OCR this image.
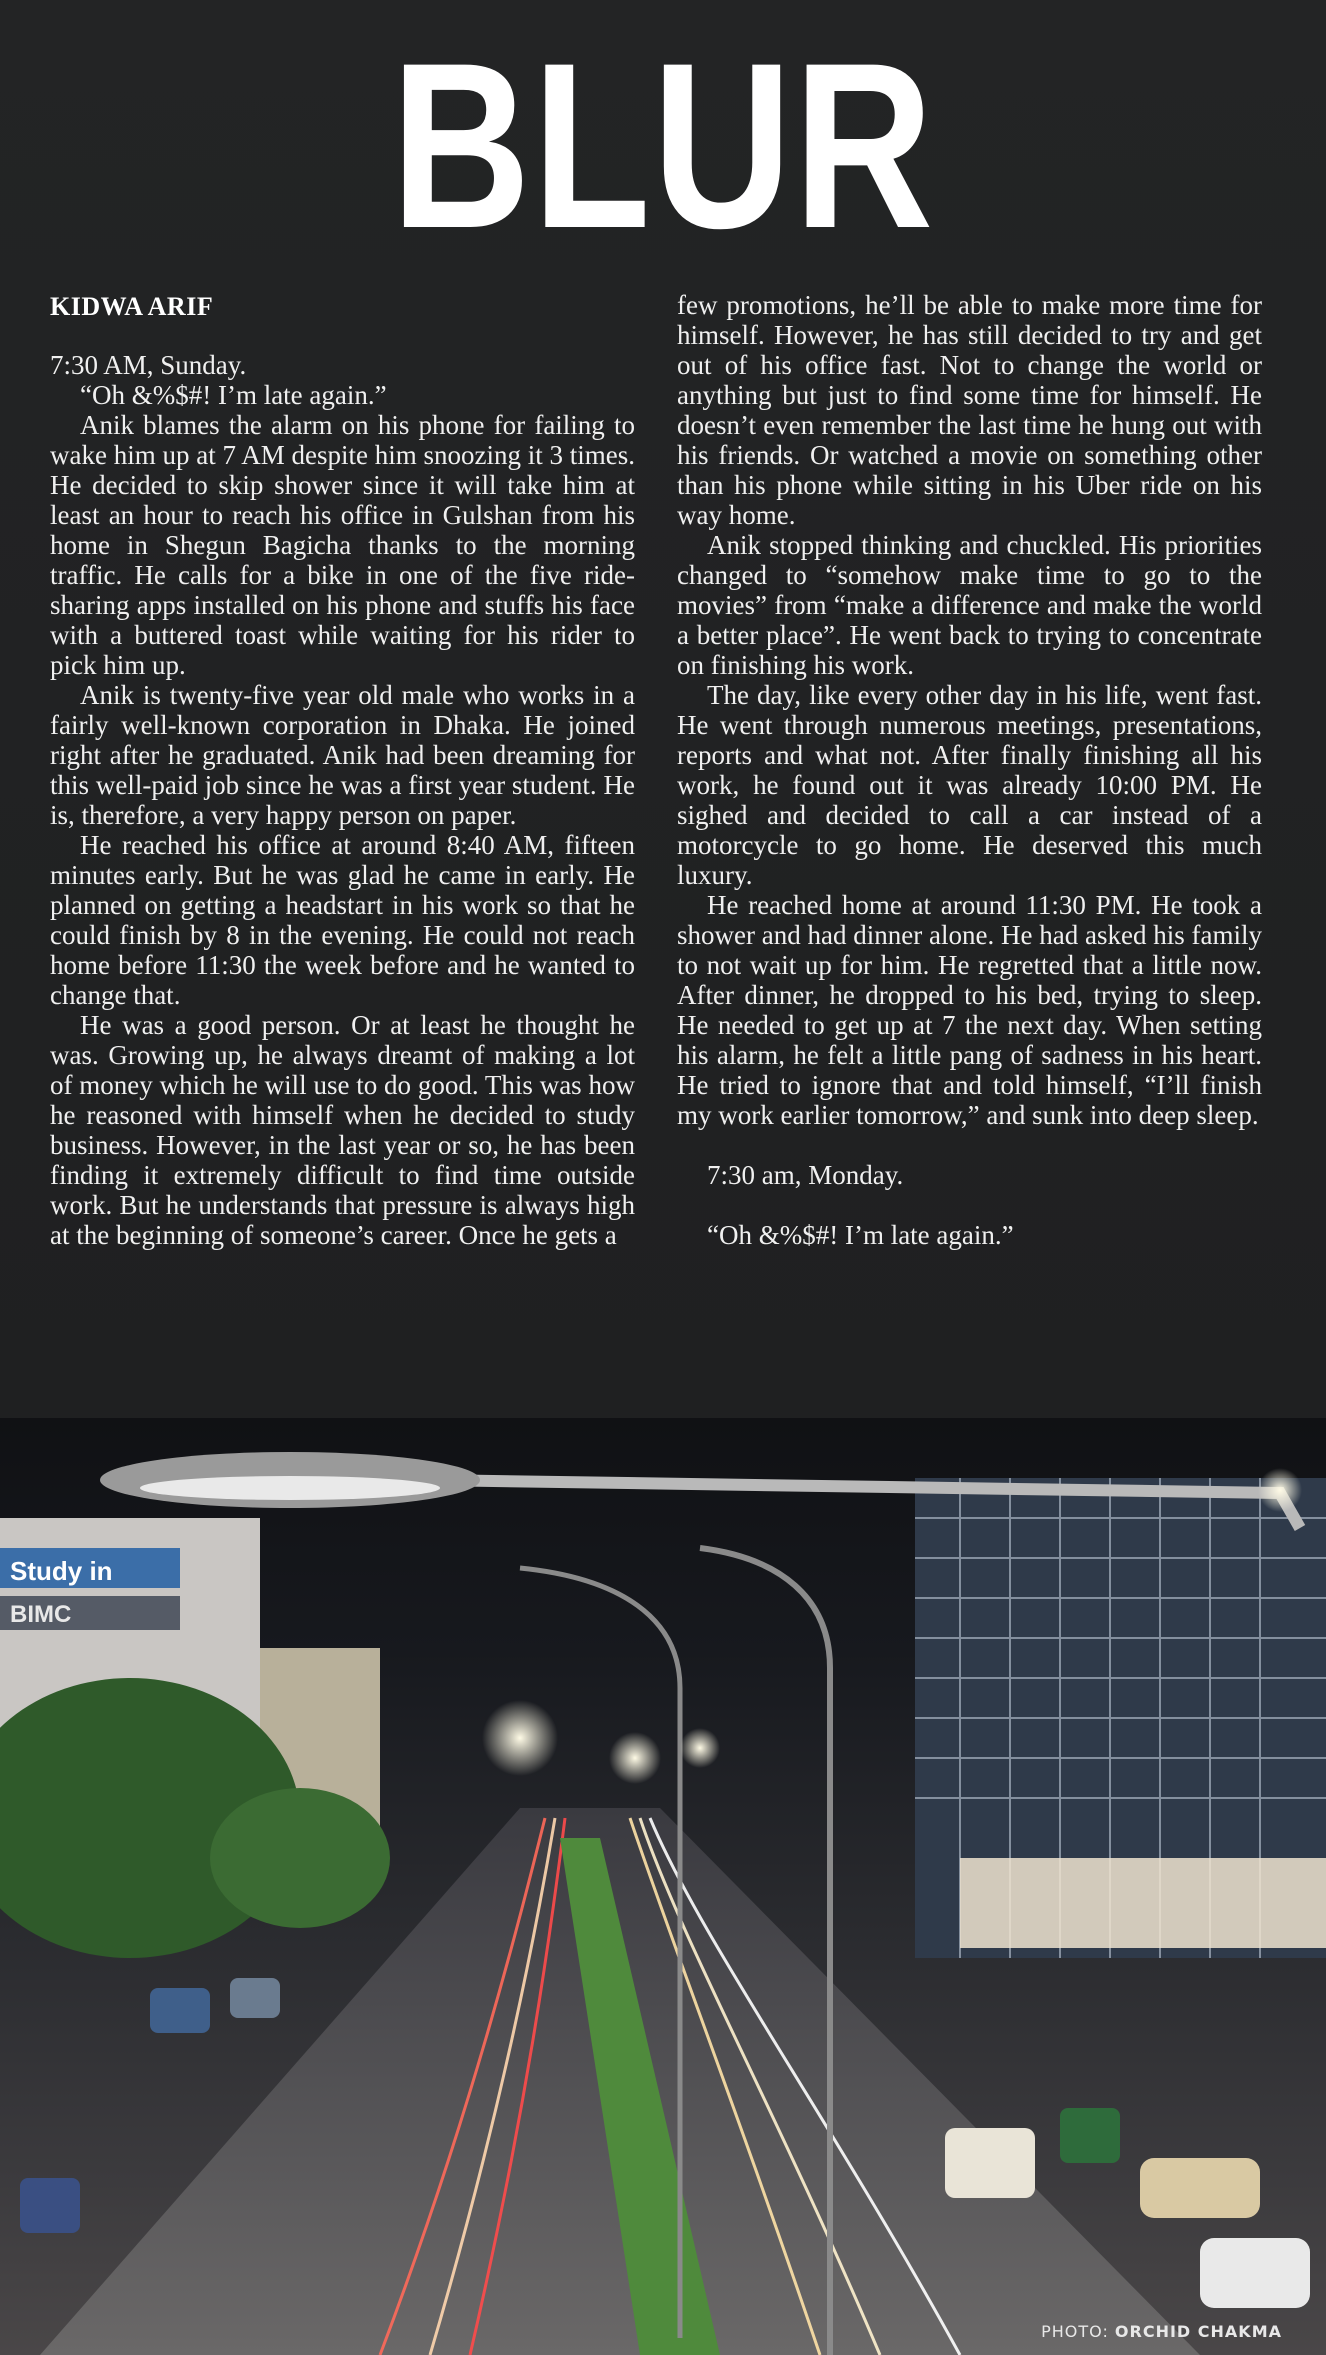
BLUR
KIDWA ARIF

7:30 AM, Sunday.

“Oh &%$#! I’m late again.”

Anik blames the alarm on his phone for failing to wake him up at 7 AM despite him snoozing it 3 times. He decided to skip shower since it will take him at least an hour to reach his office in Gulshan from his home in Shegun Bagicha thanks to the morning traffic. He calls for a bike in one of the five ride-sharing apps installed on his phone and stuffs his face with a buttered toast while waiting for his rider to pick him up.

Anik is twenty-five year old male who works in a fairly well-known corporation in Dhaka. He joined right after he graduated. Anik had been dreaming for this well-paid job since he was a first year student. He is, therefore, a very happy person on paper.

He reached his office at around 8:40 AM, fifteen minutes early. But he was glad he came in early. He planned on getting a headstart in his work so that he could finish by 8 in the evening. He could not reach home before 11:30 the week before and he wanted to change that.

He was a good person. Or at least he thought he was. Growing up, he always dreamt of making a lot of money which he will use to do good. This was how he reasoned with himself when he decided to study business. However, in the last year or so, he has been finding it extremely difficult to find time outside work. But he understands that pressure is always high at the beginning of someone’s career. Once he gets a

few promotions, he’ll be able to make more time for himself. However, he has still decided to try and get out of his office fast. Not to change the world or anything but just to find some time for himself. He doesn’t even remember the last time he hung out with his friends. Or watched a movie on something other than his phone while sitting in his Uber ride on his way home.

Anik stopped thinking and chuckled. His priorities changed to “somehow make time to go to the movies” from “make a difference and make the world a better place”. He went back to trying to concentrate on finishing his work.

The day, like every other day in his life, went fast. He went through numerous meetings, presentations, reports and what not. After finally finishing all his work, he found out it was already 10:00 PM. He sighed and decided to call a car instead of a motorcycle to go home. He deserved this much luxury.

He reached home at around 11:30 PM. He took a shower and had dinner alone. He had asked his family to not wait up for him. He regretted that a little now. After dinner, he dropped to his bed, trying to sleep. He needed to get up at 7 the next day. When setting his alarm, he felt a little pang of sadness in his heart. He tried to ignore that and told himself, “I’ll finish my work earlier tomorrow,” and sunk into deep sleep.

7:30 am, Monday.

“Oh &%$#! I’m late again.”

Study in
BIMC
PHOTO: ORCHID CHAKMA
